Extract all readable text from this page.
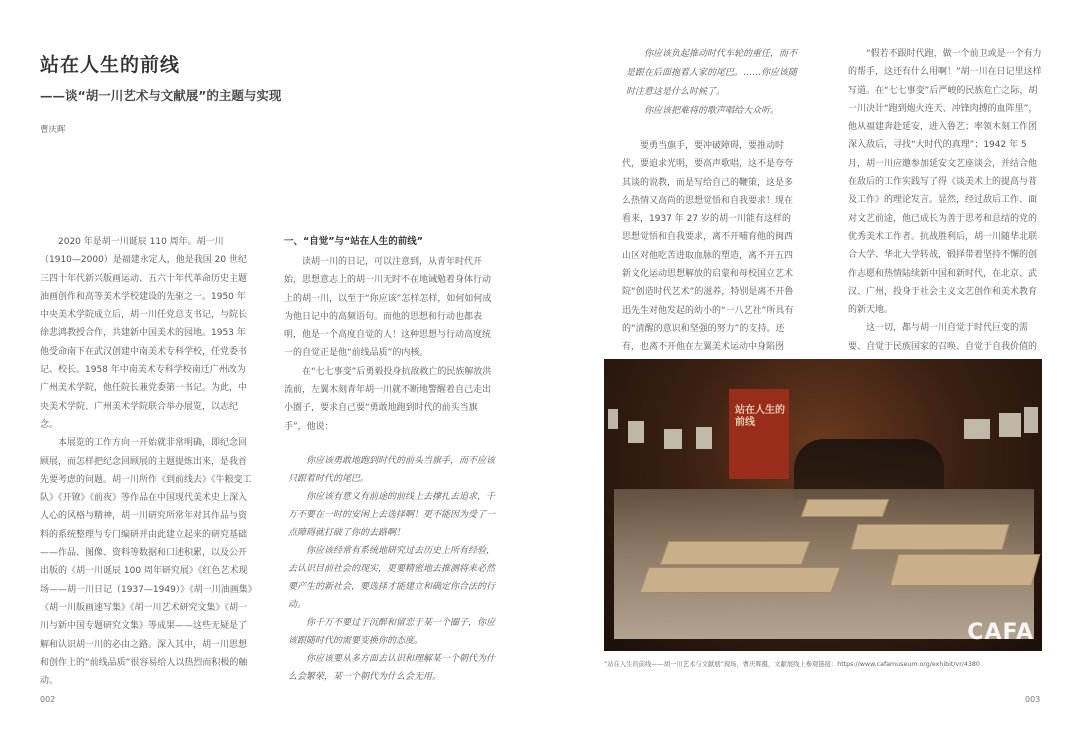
站在人生的前线
——谈“胡一川艺术与文献展”的主题与实现
曹庆晖

2020 年是胡一川诞辰 110 周年。胡一川（1910—2000）是福建永定人，他是我国 20 世纪三四十年代新兴版画运动、五六十年代革命历史主题油画创作和高等美术学校建设的先驱之一。1950 年中央美术学院成立后，胡一川任党总支书记，与院长徐悲鸿教授合作，共建新中国美术的园地。1953 年他受命南下在武汉创建中南美术专科学校，任党委书记、校长。1958 年中南美术专科学校南迁广州改为广州美术学院，他任院长兼党委第一书记。为此，中央美术学院、广州美术学院联合举办展览，以志纪念。

本展览的工作方向一开始就非常明确，即纪念回顾展，而怎样把纪念回顾展的主题提炼出来，是我首先要考虑的问题。胡一川所作《到前线去》《牛粮变工队》《开镣》《前夜》等作品在中国现代美术史上深入人心的风格与精神，胡一川研究所常年对其作品与资料的系统整理与专门编研并由此建立起来的研究基础——作品、图像、资料等数据和口述积累，以及公开出版的《胡一川诞辰 100 周年研究展》《红色艺术现场——胡一川日记（1937—1949）》《胡一川油画集》《胡一川版画速写集》《胡一川艺术研究文集》《胡一川与新中国专题研究文集》等成果——这些无疑是了解和认识胡一川的必由之路。深入其中，胡一川思想和创作上的“前线品质”很容易给人以热烈而积极的触动。

一、“自觉”与“站在人生的前线”

读胡一川的日记，可以注意到，从青年时代开始，思想意志上的胡一川无时不在地诫勉着身体行动上的胡一川，以至于“你应该”怎样怎样，如何如何成为他日记中的高频语句。而他的思想和行动也都表明，他是一个高度自觉的人！这种思想与行动高度统一的自觉正是他“前线品质”的内核。

在“七七事变”后勇毅投身抗敌救亡的民族解放洪流前，左翼木刻青年胡一川就不断地警醒着自己走出小圈子，要求自己要“勇敢地跑到时代的前头当旗手”，他说：

你应该勇敢地跑到时代的前头当旗手，而不应该只跟着时代的尾巴。

你应该有意义有前途的前线上去撑扎去追求，千万不要在一时的安闲上去选择啊！更不能因为受了一点障碍就打破了你的去路啊！

你应该经常有系统地研究过去历史上所有经验，去认识目前社会的现实，更要精密地去推测将来必然要产生的新社会，要选择才能建立和确定你合法的行动。

你千万不要过于沉醉和留恋于某一个圈子，你应该跟随时代的需要变换你的态度。

你应该要从多方面去认识和理解某一个朝代为什么会繁荣，某一个朝代为什么会无用。

002

你应该负起推动时代车轮的重任，而不是跟在后面拖着人家的尾巴。……你应该随时注意这是什么时候了。

你应该把难将的歌声唱给大众听。

要勇当旗手，要冲破障碍，要推动时代，要追求光明，要高声歌唱，这不是夸夸其谈的说教，而是写给自己的鞭策，这是多么热情又高尚的思想觉悟和自我要求！现在看来，1937 年 27 岁的胡一川能有这样的思想觉悟和自我要求，离不开哺育他的闽西山区对他吃苦进取血脉的塑造，离不开五四新文化运动思想解放的启蒙和母校国立艺术院“创造时代艺术”的滋养，特别是离不开鲁迅先生对他发起的幼小的“一八艺社”所具有的“清醒的意识和坚强的努力”的支持。还有，也离不开他在左翼美术运动中身陷囹

“假若不跟时代跑，做一个前卫或是一个有力的帮手，这还有什么用啊！”胡一川在日记里这样写道。在“七七事变”后严峻的民族危亡之际，胡一川决计“跑到炮火连天、冲锋肉搏的血阵里”，他从福建奔赴延安，进入鲁艺；率领木刻工作团深入敌后，寻找“大时代的真理”；1942 年 5 月，胡一川应邀参加延安文艺座谈会，并结合他在敌后的工作实践写了得《谈美术上的提高与普及工作》的理论发言。显然，经过敌后工作、面对文艺前途，他已成长为善于思考和总结的党的优秀美术工作者。抗战胜利后，胡一川随华北联合大学、华北大学转战，锻择带着坚持不懈的创作志愿和热情陆续新中国和新时代，在北京、武汉、广州，投身于社会主义文艺创作和美术教育的新天地。

这一切，都与胡一川自觉于时代巨变的需要、自觉于民族国家的召唤、自觉于自我价值的

站在人生的前线
CAFA
“站在人生的前线——胡一川艺术与文献展”现场，曹庆晖摄，文献展线上参观链接：https://www.cafamuseum.org/exhibit/vr/4380
003
